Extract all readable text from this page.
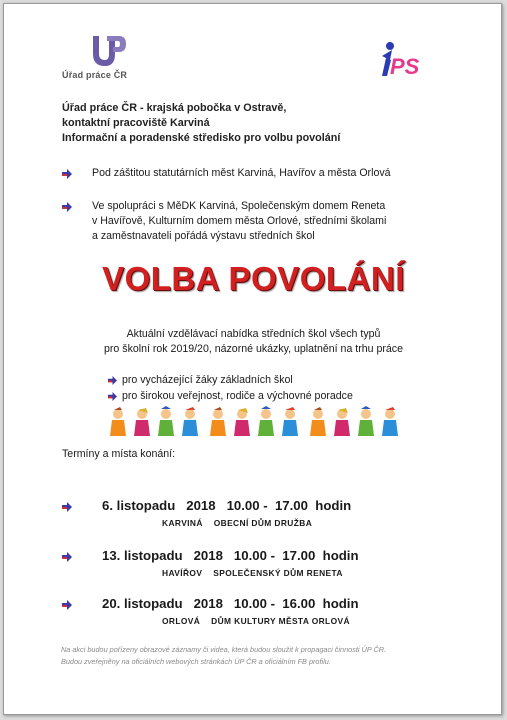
Úřad práce ČR	PS
Úřad práce ČR - krajská pobočka v Ostravě,
kontaktní pracoviště Karviná
Informační a poradenské středisko pro volbu povolání
Pod záštitou statutárních měst Karviná, Havířov a města Orlová
Ve spolupráci s MěDK Karviná, Společenským domem Reneta
v Havířově, Kulturním domem města Orlové, středními školami
a zaměstnavateli pořádá výstavu středních škol
VOLBA POVOLÁNÍ
Aktuální vzdělávací nabídka středních škol všech typů
pro školní rok 2019/20, názorné ukázky, uplatnění na trhu práce
pro vycházející žáky základních škol
pro širokou veřejnost, rodiče a výchovné poradce
Termíny a místa konání:
6. listopadu   2018   10.00 -  17.00  hodin
KARVINÁ    OBECNÍ DŮM DRUŽBA
13. listopadu   2018   10.00 -  17.00  hodin
HAVÍŘOV    SPOLEČENSKÝ DŮM RENETA
20. listopadu   2018   10.00 -  16.00  hodin
ORLOVÁ    DŮM KULTURY MĚSTA ORLOVÁ
Na akci budou pořízeny obrazové záznamy či videa, která budou sloužit k propagaci činnosti ÚP ČR.
Budou zveřejněny na oficiálních webových stránkách ÚP ČR a oficiálním FB profilu.
